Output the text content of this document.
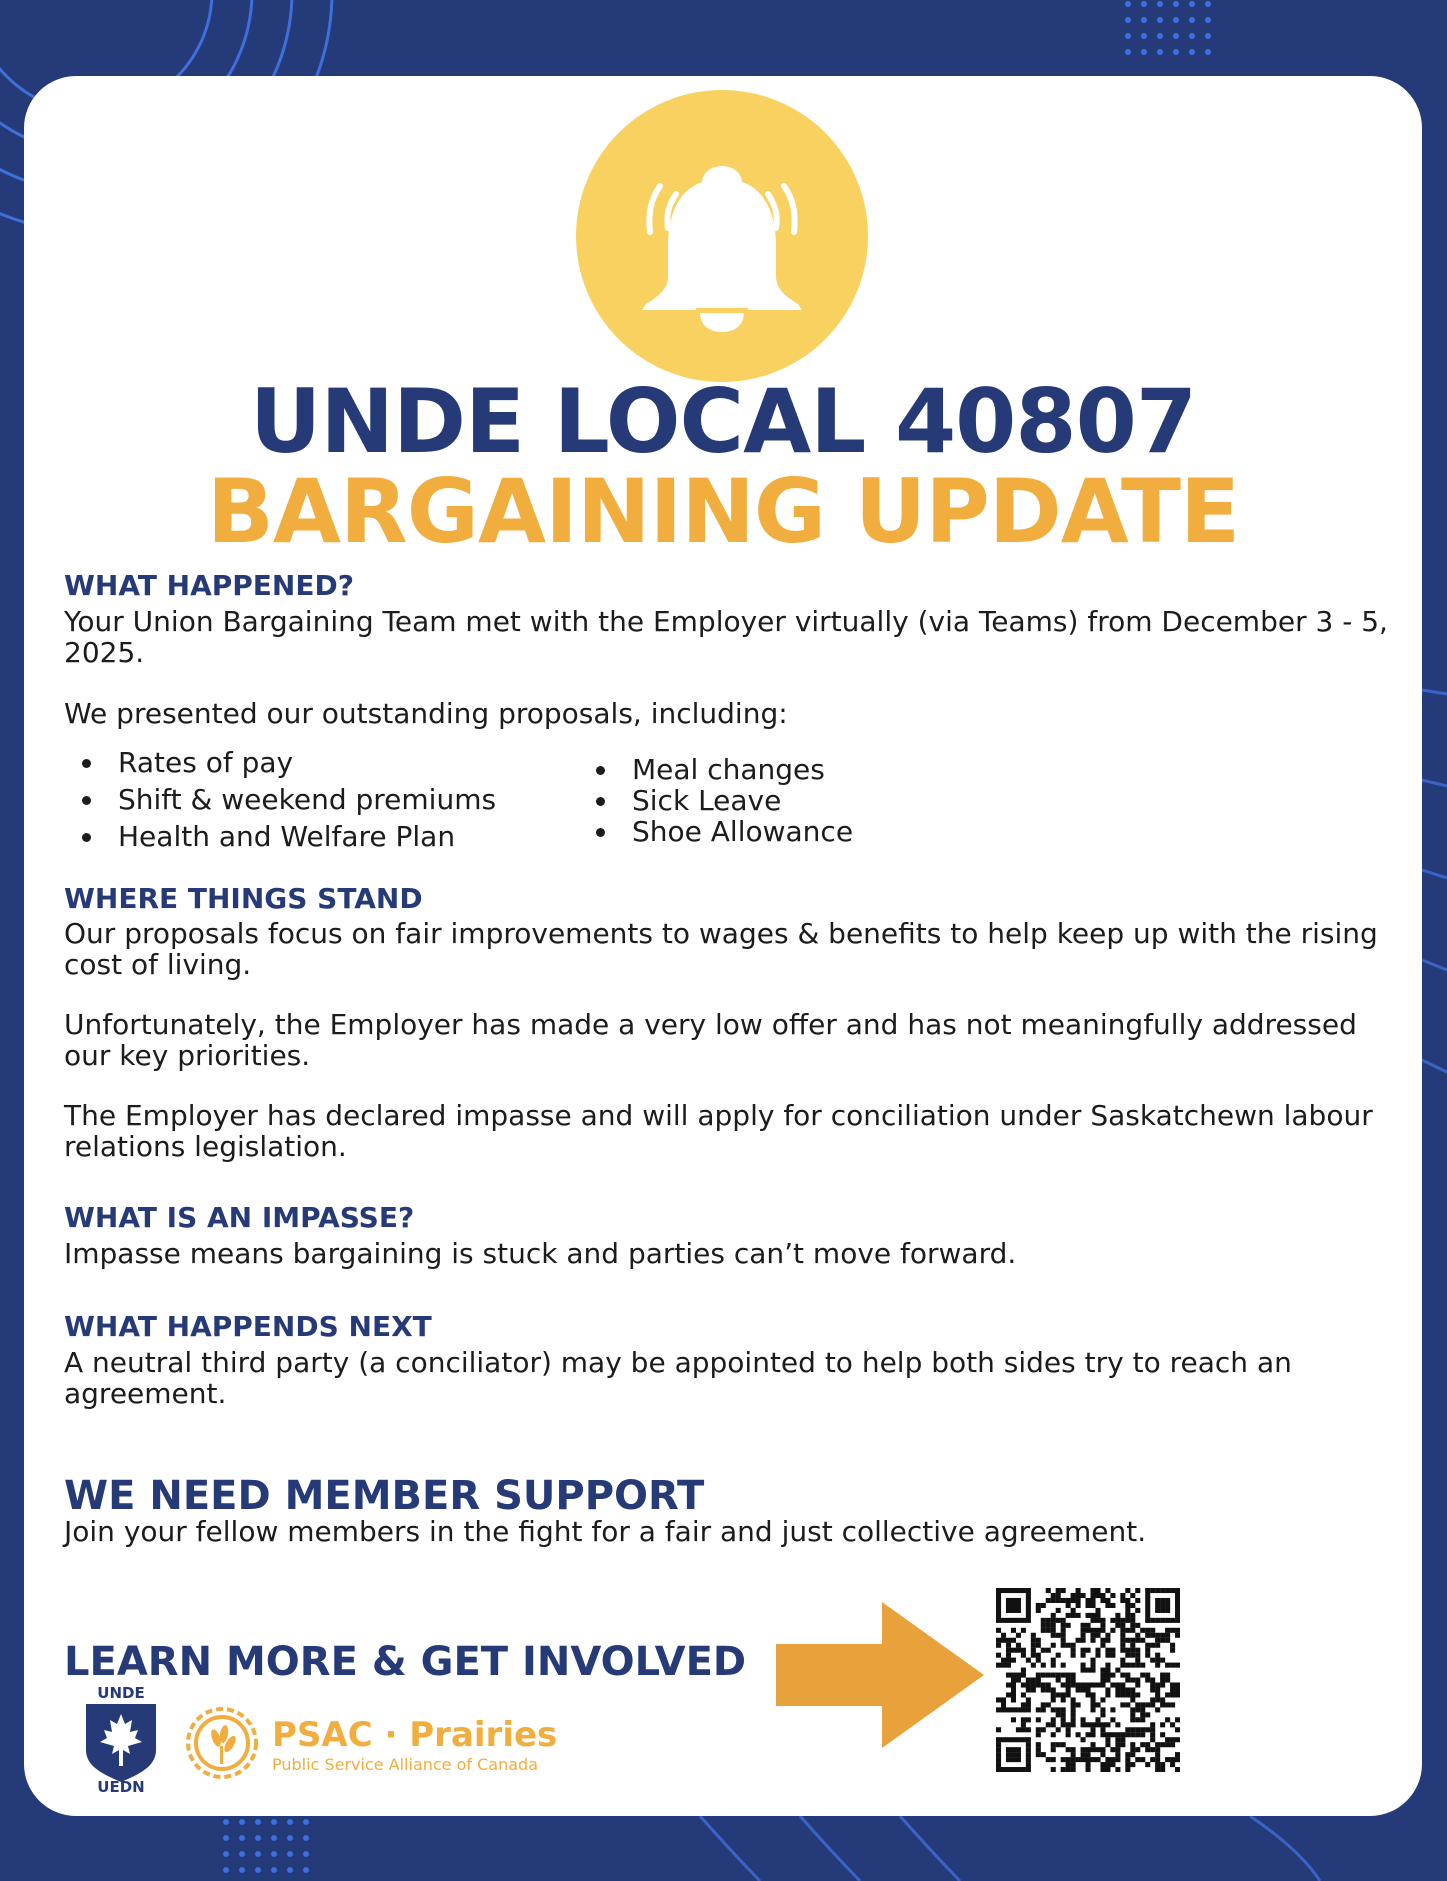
UNDE LOCAL 40807
BARGAINING UPDATE
WHAT HAPPENED?
Your Union Bargaining Team met with the Employer virtually (via Teams) from December 3 - 5, 2025.
We presented our outstanding proposals, including:
Rates of pay
Shift & weekend premiums
Health and Welfare Plan
Meal changes
Sick Leave
Shoe Allowance
WHERE THINGS STAND
Our proposals focus on fair improvements to wages & benefits to help keep up with the rising cost of living.
Unfortunately, the Employer has made a very low offer and has not meaningfully addressed our key priorities.
The Employer has declared impasse and will apply for conciliation under Saskatchewn labour relations legislation.
WHAT IS AN IMPASSE?
Impasse means bargaining is stuck and parties can’t move forward.
WHAT HAPPENDS NEXT
A neutral third party (a conciliator) may be appointed to help both sides try to reach an agreement.
WE NEED MEMBER SUPPORT
Join your fellow members in the fight for a fair and just collective agreement.
LEARN MORE & GET INVOLVED
UNDE
UEDN
PSAC · Prairies
Public Service Alliance of Canada
